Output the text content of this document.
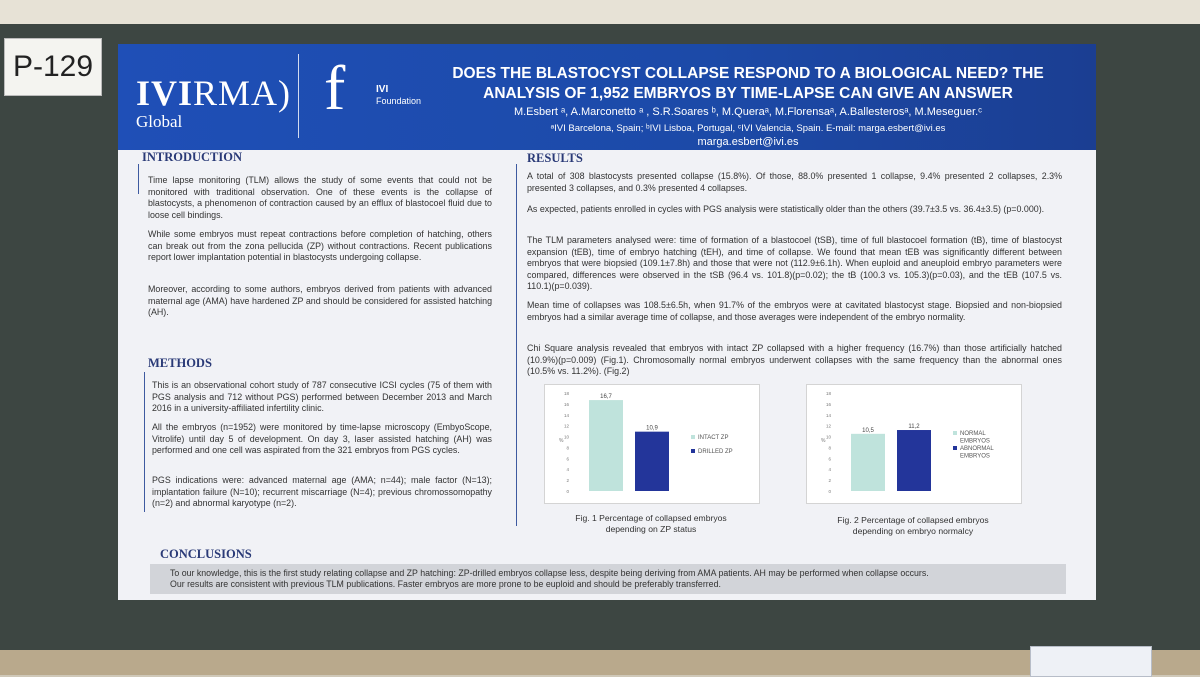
P-129
IVIRMA)
Global f	IVI
Foundation
DOES THE BLASTOCYST COLLAPSE RESPOND TO A BIOLOGICAL NEED? THE
ANALYSIS OF 1,952 EMBRYOS BY TIME-LAPSE CAN GIVE AN ANSWER
M.Esbert ᵃ, A.Marconetto ᵃ , S.R.Soares ᵇ, M.Queraᵃ, M.Florensaᵃ, A.Ballesterosᵃ, M.Meseguer.ᶜ
ᵃIVI Barcelona, Spain; ᵇIVI Lisboa, Portugal, ᶜIVI Valencia, Spain. E-mail: marga.esbert@ivi.es
marga.esbert@ivi.es
INTRODUCTION

Time lapse monitoring (TLM) allows the study of some events that could not be monitored with traditional observation. One of these events is the collapse of blastocysts, a phenomenon of contraction caused by an efflux of blastocoel fluid due to loose cell bindings.

While some embryos must repeat contractions before completion of hatching, others can break out from the zona pellucida (ZP) without contractions. Recent publications report lower implantation potential in blastocysts undergoing collapse.

Moreover, according to some authors, embryos derived from patients with advanced maternal age (AMA) have hardened ZP and should be considered for assisted hatching (AH).

METHODS

This is an observational cohort study of 787 consecutive ICSI cycles (75 of them with PGS analysis and 712 without PGS) performed between December 2013 and March 2016 in a university-affiliated infertility clinic.

All the embryos (n=1952) were monitored by time-lapse microscopy (EmbyoScope, Vitrolife) until day 5 of development. On day 3, laser assisted hatching (AH) was performed and one cell was aspirated from the 321 embryos from PGS cycles.

PGS indications were: advanced maternal age (AMA; n=44); male factor (N=13); implantation failure (N=10); recurrent miscarriage (N=4); previous chromossomopathy (n=2) and abnormal karyotype (n=2).

RESULTS

A total of 308 blastocysts presented collapse (15.8%). Of those, 88.0% presented 1 collapse, 9.4% presented 2 collapses, 2.3% presented 3 collapses, and 0.3% presented 4 collapses.

As expected, patients enrolled in cycles with PGS analysis were statistically older than the others (39.7±3.5 vs. 36.4±3.5) (p=0.000).

The TLM parameters analysed were: time of formation of a blastocoel (tSB), time of full blastocoel formation (tB), time of blastocyst expansion (tEB), time of embryo hatching (tEH), and time of collapse. We found that mean tEB was significantly different between embryos that were biopsied (109.1±7.8h) and those that were not (112.9±6.1h). When euploid and aneuploid embryo parameters were compared, differences were observed in the tSB (96.4 vs. 101.8)(p=0.02); the tB (100.3 vs. 105.3)(p=0.03), and the tEB (107.5 vs. 110.1)(p=0.039).

Mean time of collapses was 108.5±6.5h, when 91.7% of the embryos were at cavitated blastocyst stage. Biopsied and non-biopsied embryos had a similar average time of collapse, and those averages were independent of the embryo normality.

Chi Square analysis revealed that embryos with intact ZP collapsed with a higher frequency (16.7%) than those artificially hatched (10.9%)(p=0.009) (Fig.1). Chromosomally normal embryos underwent collapses with the same frequency than the abnormal ones (10.5% vs. 11.2%). (Fig.2)

0
2
4
6
8
10
12
14
16
18
%
16,7
10,9
INTACT ZP
DRILLED ZP
Fig. 1 Percentage of collapsed embryos
depending on ZP status
0
2
4
6
8
10
12
14
16
18
%
10,5
11,2
NORMAL
EMBRYOS
ABNORMAL
EMBRYOS
Fig. 2 Percentage of collapsed embryos
depending on embryo normalcy
CONCLUSIONS
To our knowledge, this is the first study relating collapse and ZP hatching: ZP-drilled embryos collapse less, despite being deriving from AMA patients. AH may be performed when collapse occurs.
Our results are consistent with previous TLM publications. Faster embryos are more prone to be euploid and should be preferably transferred.
